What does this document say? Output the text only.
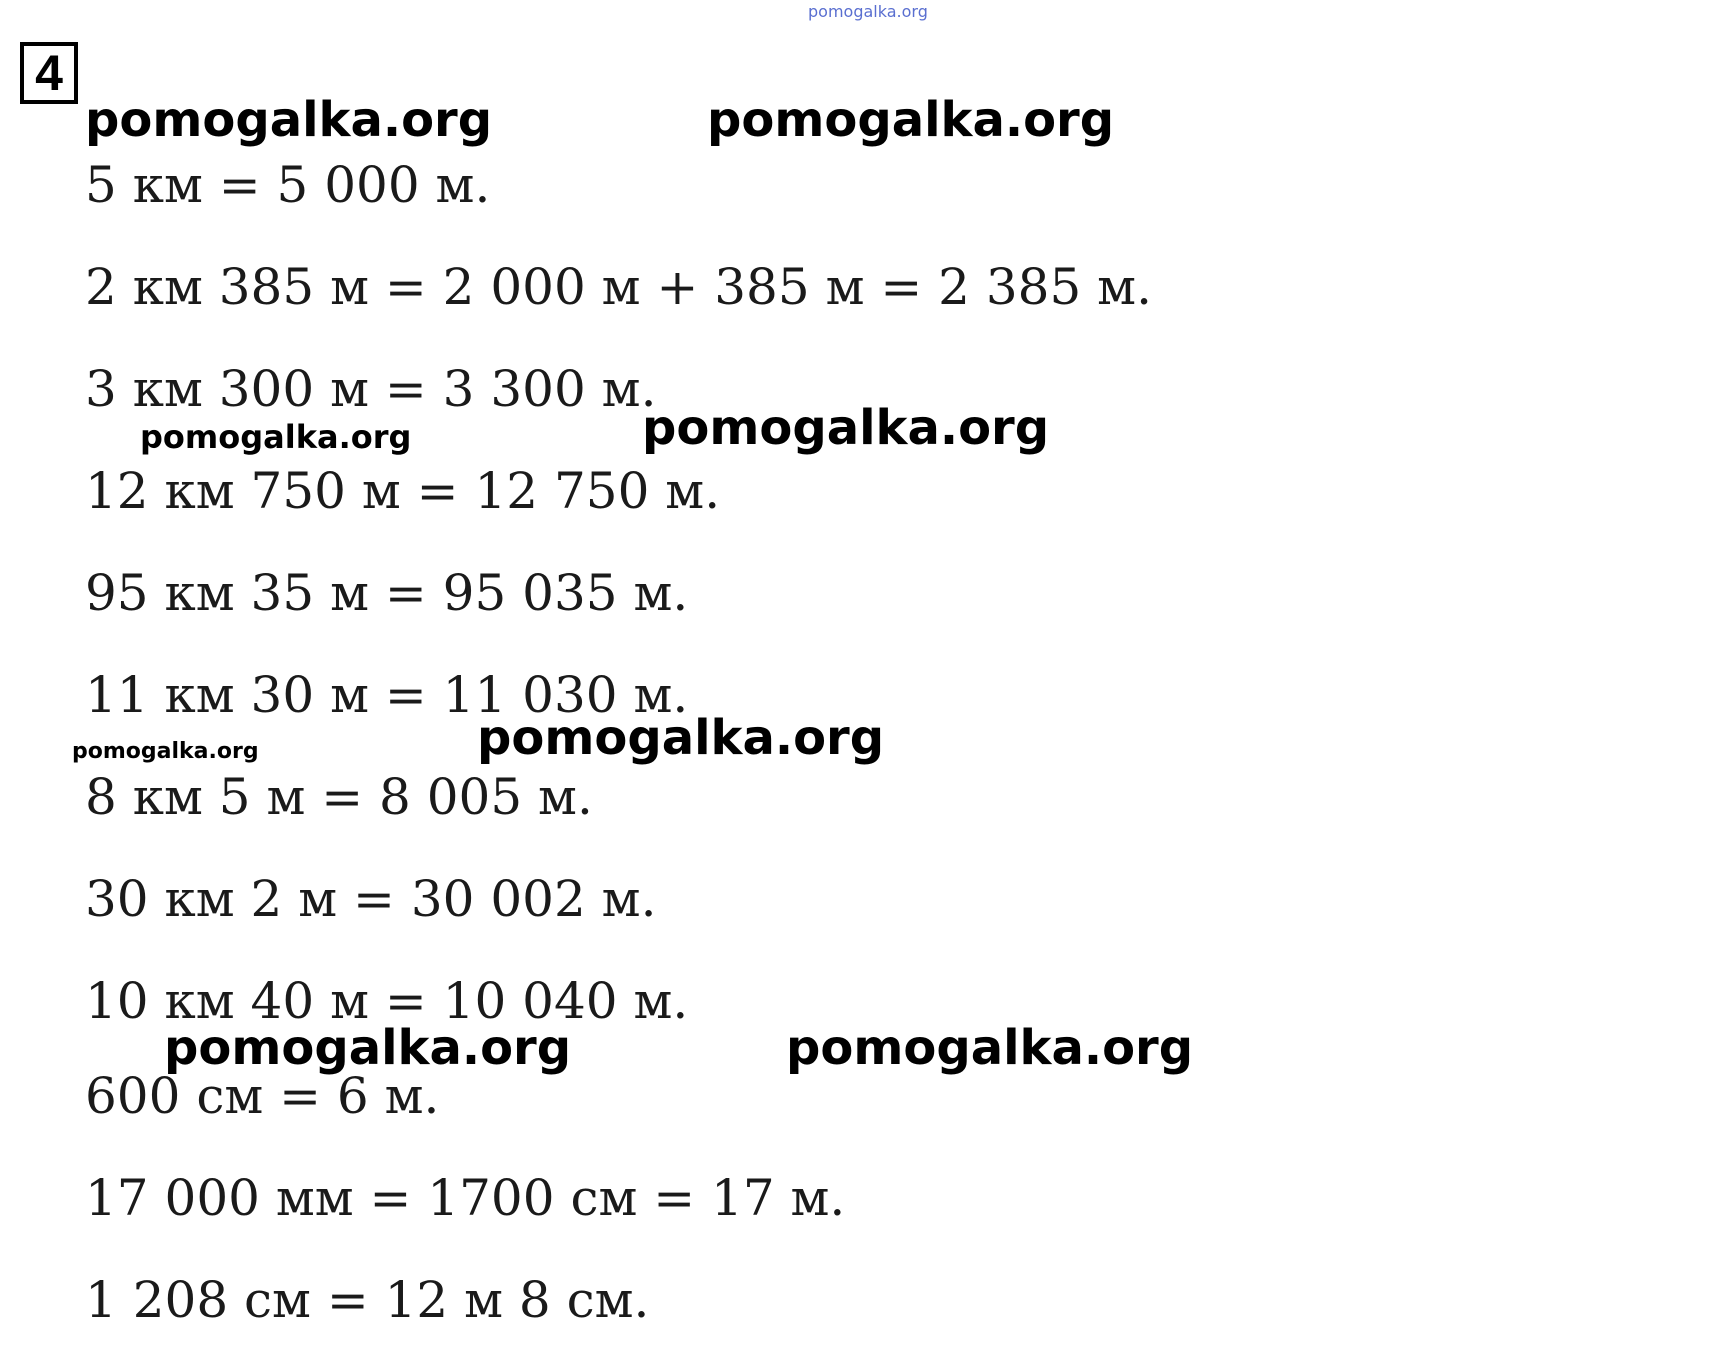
pomogalka.org
4
pomogalka.org	pomogalka.org
pomogalka.org	pomogalka.org
pomogalka.org	pomogalka.org
pomogalka.org	pomogalka.org

5 км = 5 000 м.

2 км 385 м = 2 000 м + 385 м = 2 385 м.

3 км 300 м = 3 300 м.

12 км 750 м = 12 750 м.

95 км 35 м = 95 035 м.

11 км 30 м = 11 030 м.

8 км 5 м = 8 005 м.

30 км 2 м = 30 002 м.

10 км 40 м = 10 040 м.

600 см = 6 м.

17 000 мм = 1700 см = 17 м.

1 208 см = 12 м 8 см.
